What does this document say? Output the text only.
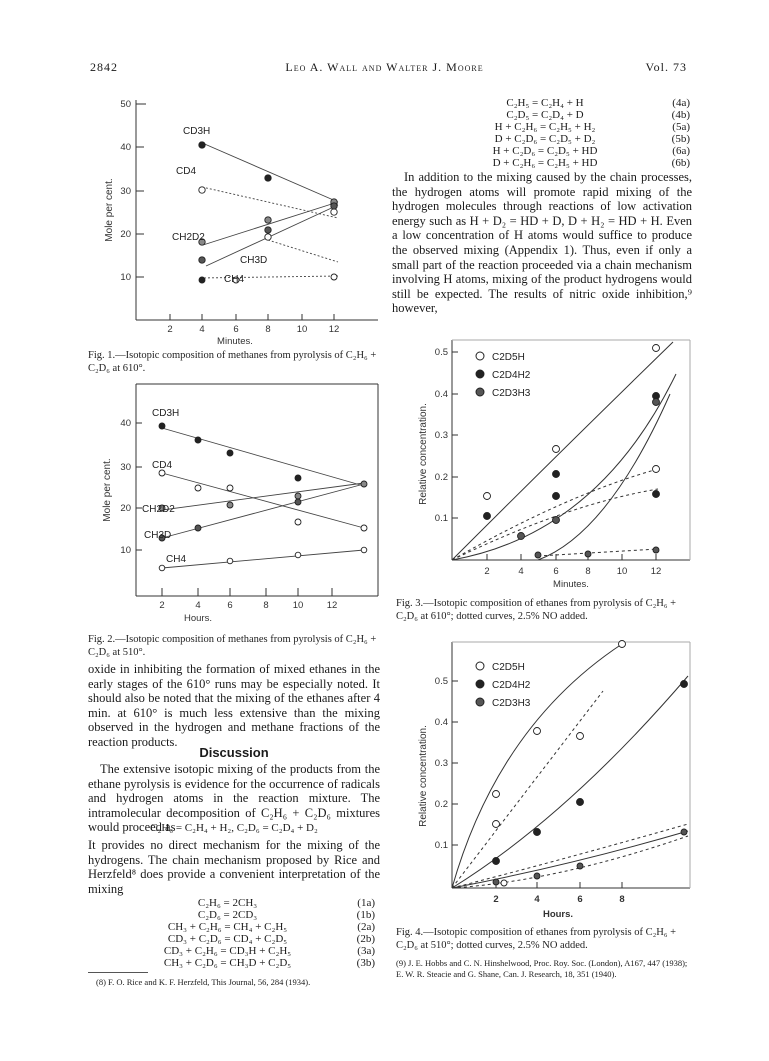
2842	Leo A. Wall and Walter J. Moore	Vol. 73
10
20
30
40
50
2	4	6	8	10 12
Minutes.
Mole per cent.
CD3H
CD4
CH2D2
CH3D
CH4
Fig. 1.—Isotopic composition of methanes from pyrolysis of C₂H₆ + C₂D₆ at 610°.
10
20
30
40
2	4	6	8	10 12
Hours.
Mole per cent.
CD3H
CD4
CH2D2
CH3D
CH4
Fig. 2.—Isotopic composition of methanes from pyrolysis of C₂H₆ + C₂D₆ at 510°.
oxide in inhibiting the formation of mixed ethanes in the early stages of the 610° runs may be especially noted. It should also be noted that the mixing of the ethanes after 4 min. at 610° is much less extensive than the mixing observed in the hydrogen and methane fractions of the reaction products.
Discussion
The extensive isotopic mixing of the products from the ethane pyrolysis is evidence for the occurrence of radicals and hydrogen atoms in the reaction mixture. The intramolecular decomposition of C₂H₆ + C₂D₆ mixtures would proceed as
C₂H₆ = C₂H₄ + H₂, C₂D₆ = C₂D₄ + D₂
It provides no direct mechanism for the mixing of the hydrogens. The chain mechanism proposed by Rice and Herzfeld⁸ does provide a convenient interpretation of the mixing
C₂H₆ = 2CH₃	(1a)
C₂D₆ = 2CD₃	(1b)
CH₃ + C₂H₆ = CH₄ + C₂H₅	(2a)
CD₃ + C₂D₆ = CD₄ + C₂D₅	(2b)
CD₃ + C₂H₆ = CD₃H + C₂H₅	(3a)
CH₃ + C₂D₆ = CH₃D + C₂D₅	(3b)
(8) F. O. Rice and K. F. Herzfeld, This Journal, 56, 284 (1934).
C₂H₅ = C₂H₄ + H	(4a)
C₂D₅ = C₂D₄ + D	(4b)
H + C₂H₆ = C₂H₅ + H₂	(5a)
D + C₂D₆ = C₂D₅ + D₂	(5b)
H + C₂D₆ = C₂D₅ + HD	(6a)
D + C₂H₆ = C₂H₅ + HD	(6b)
In addition to the mixing caused by the chain processes, the hydrogen atoms will promote rapid mixing of the hydrogen molecules through reactions of low activation energy such as H + D₂ = HD + D, D + H₂ = HD + H. Even a low concentration of H atoms would suffice to produce the observed mixing (Appendix 1). Thus, even if only a small part of the reaction proceeded via a chain mechanism involving H atoms, mixing of the product hydrogens would still be expected. The results of nitric oxide inhibition,⁹ however,
0.1
0.2
0.3
0.4
0.5
2	4	6	8	10 12
Minutes.
Relative concentration.
C2D5H
C2D4H2
C2D3H3
Fig. 3.—Isotopic composition of ethanes from pyrolysis of C₂H₆ + C₂D₆ at 610°; dotted curves, 2.5% NO added.
0.1
0.2
0.3
0.4
0.5
2	4	6	8
Hours.
Relative concentration.
C2D5H
C2D4H2
C2D3H3
Fig. 4.—Isotopic composition of ethanes from pyrolysis of C₂H₆ + C₂D₆ at 510°; dotted curves, 2.5% NO added.
(9) J. E. Hobbs and C. N. Hinshelwood, Proc. Roy. Soc. (London), A167, 447 (1938); E. W. R. Steacie and G. Shane, Can. J. Research, 18, 351 (1940).
